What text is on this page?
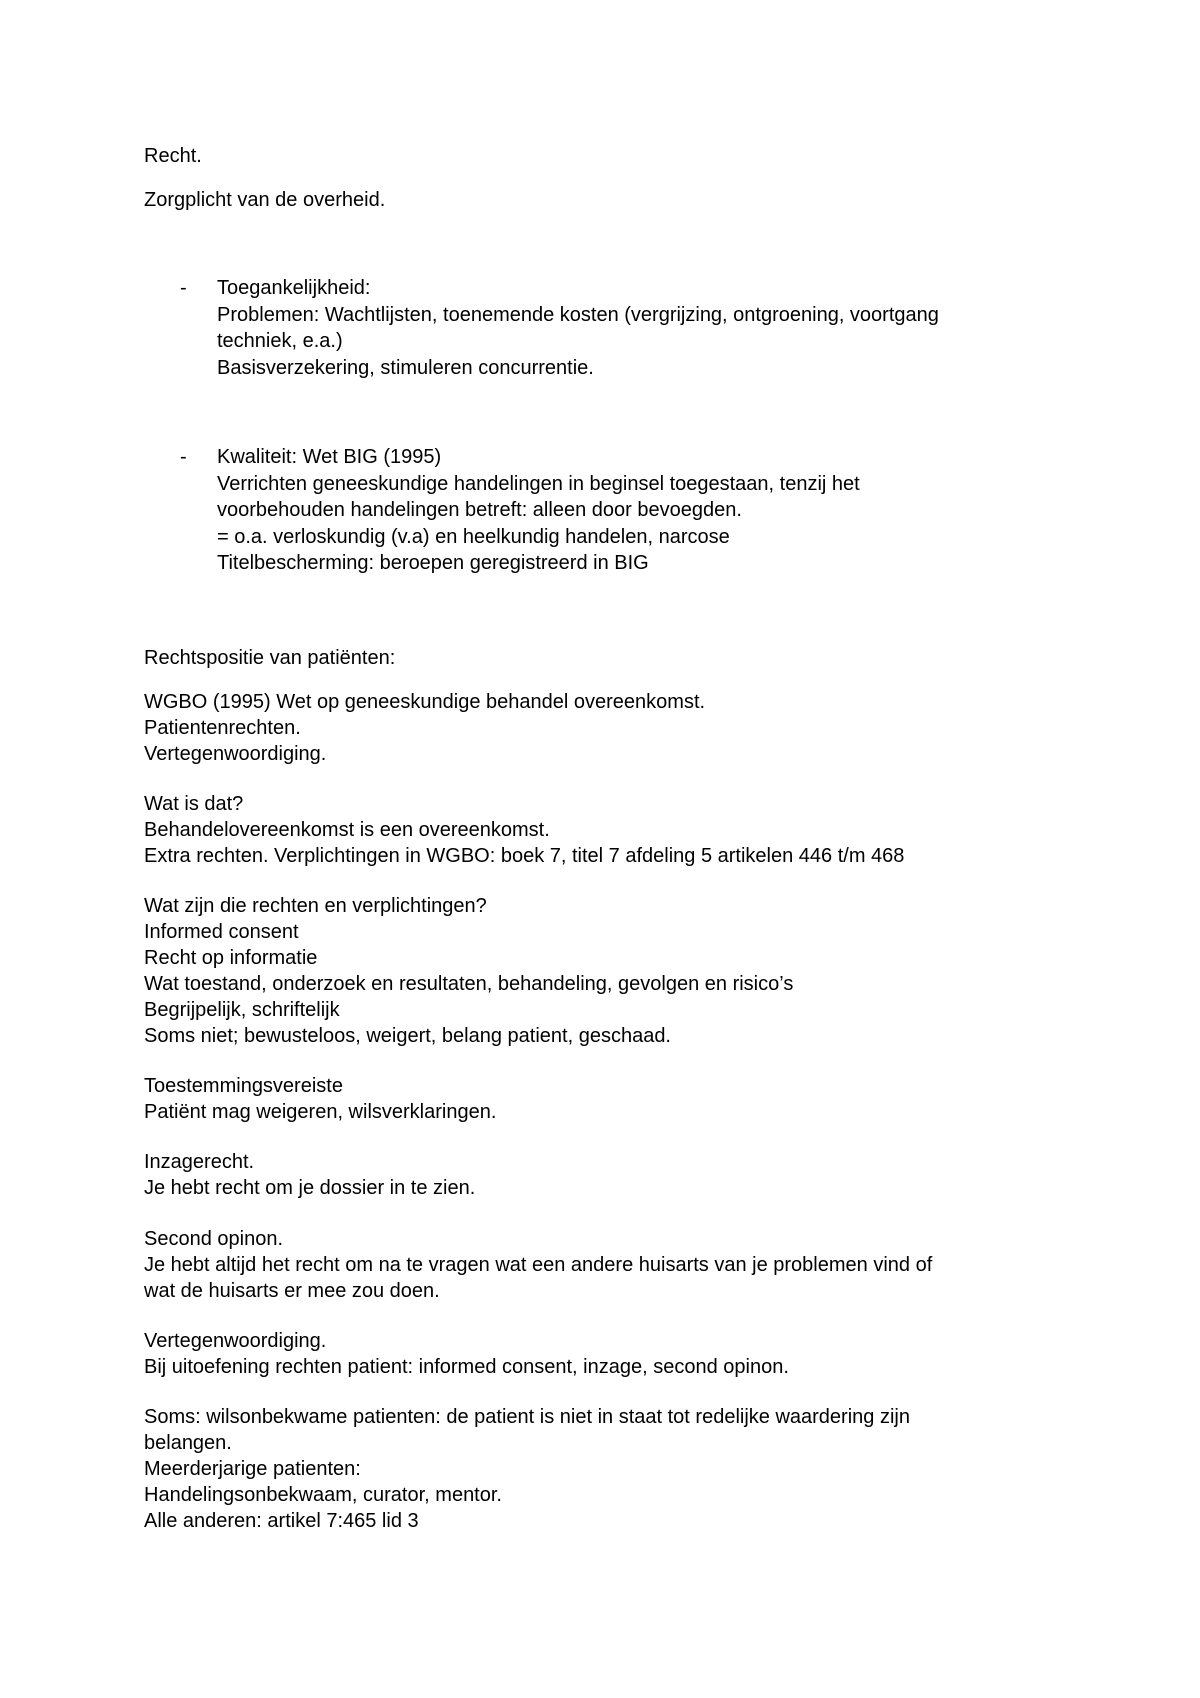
Recht.

Zorgplicht van de overheid.

- Toegankelijkheid:

Problemen: Wachtlijsten, toenemende kosten (vergrijzing, ontgroening, voortgang

techniek, e.a.)

Basisverzekering, stimuleren concurrentie.

- Kwaliteit: Wet BIG (1995)

Verrichten geneeskundige handelingen in beginsel toegestaan, tenzij het

voorbehouden handelingen betreft: alleen door bevoegden.

= o.a. verloskundig (v.a) en heelkundig handelen, narcose

Titelbescherming: beroepen geregistreerd in BIG

Rechtspositie van patiënten:

WGBO (1995) Wet op geneeskundige behandel overeenkomst.

Patientenrechten.

Vertegenwoordiging.

Wat is dat?

Behandelovereenkomst is een overeenkomst.

Extra rechten. Verplichtingen in WGBO: boek 7, titel 7 afdeling 5 artikelen 446 t/m 468

Wat zijn die rechten en verplichtingen?

Informed consent

Recht op informatie

Wat toestand, onderzoek en resultaten, behandeling, gevolgen en risico’s

Begrijpelijk, schriftelijk

Soms niet; bewusteloos, weigert, belang patient, geschaad.

Toestemmingsvereiste

Patiënt mag weigeren, wilsverklaringen.

Inzagerecht.

Je hebt recht om je dossier in te zien.

Second opinon.

Je hebt altijd het recht om na te vragen wat een andere huisarts van je problemen vind of

wat de huisarts er mee zou doen.

Vertegenwoordiging.

Bij uitoefening rechten patient: informed consent, inzage, second opinon.

Soms: wilsonbekwame patienten: de patient is niet in staat tot redelijke waardering zijn

belangen.

Meerderjarige patienten:

Handelingsonbekwaam, curator, mentor.

Alle anderen: artikel 7:465 lid 3
